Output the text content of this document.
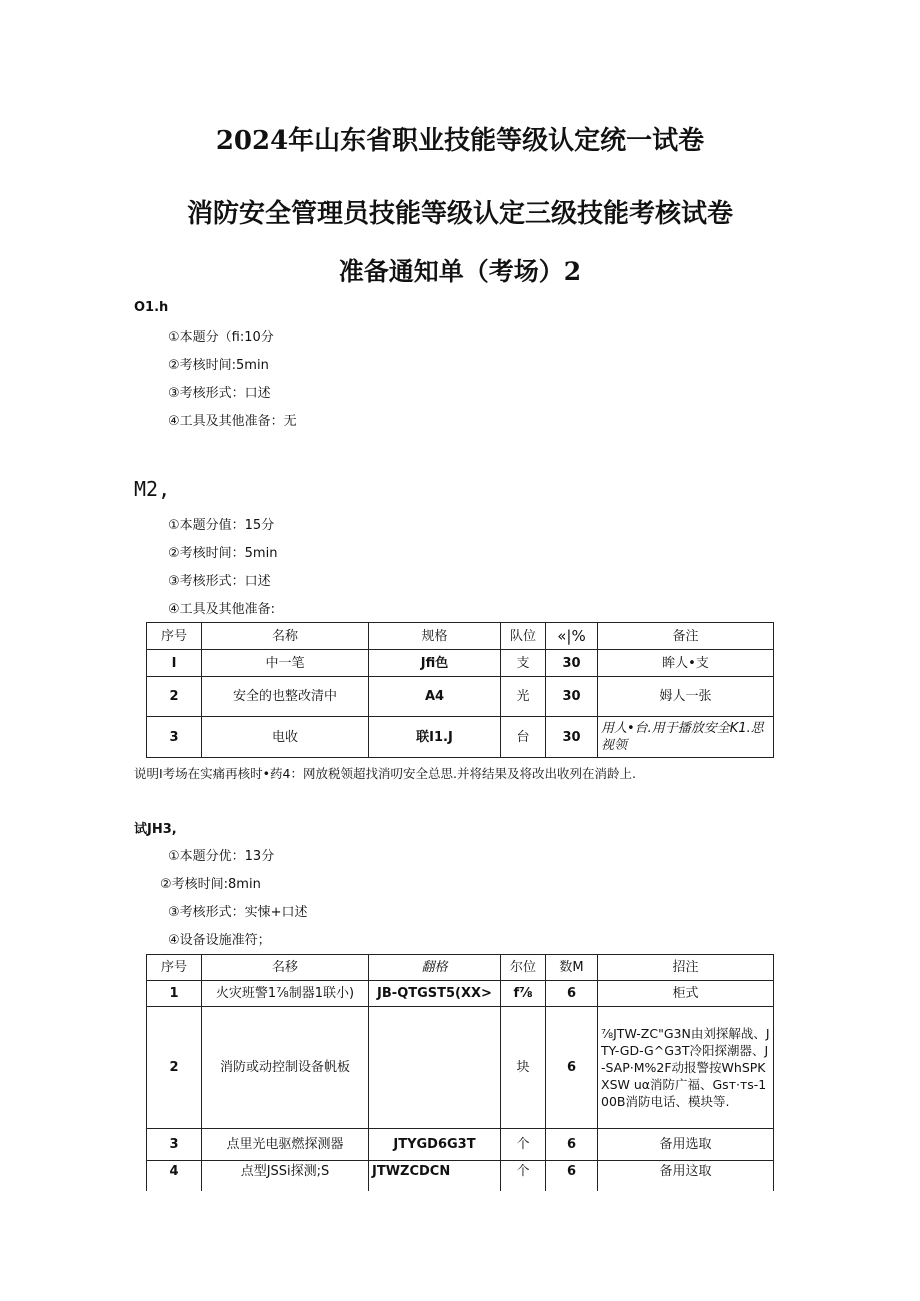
2024年山东省职业技能等级认定统一试卷
消防安全管理员技能等级认定三级技能考核试卷
准备通知单（考场）2
O1.h
①本题分（fi:10分
②考核时间:5min
③考核形式：口述
④工具及其他准备：无
M2,
①本题分值：15分
②考核时间：5min
③考核形式：口述
④工具及其他准备:
序号	名称	规格	队位	«|%	备注
I	中一笔	Jfi色	支	30	眸人•支
2	安全的也整改清中	A4	光	30	姆人一张
3	电收	联I1.J	台	30	用人•台.用于播放安全K1.思视领
说明I考场在实痛再核时•药4：网放税领超找消叨安全总思.并将结果及将改出收列在消龄上.
试JH3,
①本题分优：13分
②考核时间:8min
③考核形式：实悚+口述
④设备设施准符；
序号	名移	翻格	尔位	数M	招注
1	火灾班警1⅞制器1联小)	JB-QTGST5(XX>	f⅞	6	柜式
2	消防或动控制设备帆板		块	6	⅞JTW-ZC"G3N由刘探解战、JTY-GD-G^G3T冷阳探潮器、J-SAP·M%2F动报警按WhSPKXSW uα消防广福、Gsт·тs-100B消防电话、模块等.
3	点里光电驱燃探测器	JTYGD6G3T	个	6	备用选取
4	点型JSSi探测;S	JTWZCDCN	个	6	备用这取
